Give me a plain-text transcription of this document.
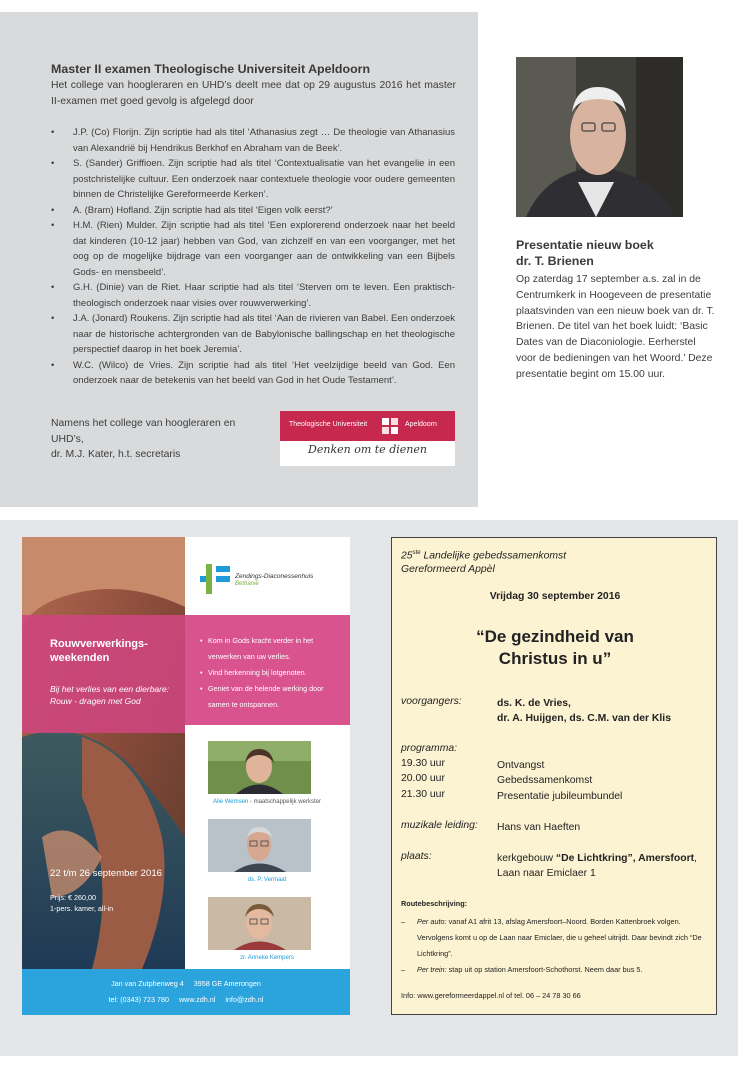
Master II examen Theologische Universiteit Apeldoorn
Het college van hoogleraren en UHD’s deelt mee dat op 29 augustus 2016 het master II-examen met goed gevolg is afgelegd door
• J.P. (Co) Florijn. Zijn scriptie had als titel ‘Athanasius zegt … De theologie van Athanasius van Alexandrië bij Hendrikus Berkhof en Abraham van de Beek’.
• S. (Sander) Griffioen. Zijn scriptie had als titel ‘Contextualisatie van het evangelie in een postchristelijke cultuur. Een onderzoek naar contextuele theologie voor oudere gemeenten binnen de Christelijke Gereformeerde Kerken’.
• A. (Bram) Hofland. Zijn scriptie had als titel ‘Eigen volk eerst?’
• H.M. (Rien) Mulder. Zijn scriptie had als titel ‘Een explorerend onderzoek naar het beeld dat kinderen (10-12 jaar) hebben van God, van zichzelf en van een voorganger, met het oog op de mogelijke bijdrage van een voorganger aan de ontwikkeling van een Bijbels Gods- en mensbeeld’.
• G.H. (Dinie) van de Riet. Haar scriptie had als titel ‘Sterven om te leven. Een praktisch-theologisch onderzoek naar visies over rouwverwerking’.
• J.A. (Jonard) Roukens. Zijn scriptie had als titel ‘Aan de rivieren van Babel. Een onderzoek naar de historische achtergronden van de Babylonische ballingschap en het theologische perspectief daarop in het boek Jeremia’.
• W.C. (Wilco) de Vries. Zijn scriptie had als titel ‘Het veelzijdige beeld van God. Een onderzoek naar de betekenis van het beeld van God in het Oude Testament’.
Namens het college van hoogleraren en UHD’s,
dr. M.J. Kater, h.t. secretaris
Theologische Universiteit	Apeldoorn
Denken om te dienen
Presentatie nieuw boek
dr. T. Brienen
Op zaterdag 17 september a.s. zal in de Centrumkerk in Hoogeveen de presentatie plaatsvinden van een nieuw boek van dr. T. Brienen. De titel van het boek luidt: ‘Basic Dates van de Diaconiologie. Eerherstel voor de bedieningen van het Woord.’ Deze presentatie begint om 15.00 uur.
Zendings-Diaconessenhuis
Bethanië
Rouwverwerkings-weekenden
Bij het verlies van een dierbare: Rouw - dragen met God
• Kom in Gods kracht verder in het verwerken van uw verlies.
• Vind herkenning bij lotgenoten.
• Geniet van de helende werking door samen te ontspannen.
22 t/m 26 september 2016
Prijs: € 260,00
1-pers. kamer, all-in
Alie Wemsen - maatschappelijk werkster
ds. P. Vermaat
zr. Anneke Kempers
Jan van Zutphenweg 4 3958 GE Amerongen
tel: (0343) 723 780 www.zdh.nl info@zdh.nl
25ste Landelijke gebedssamenkomst
Gereformeerd Appèl
Vrijdag 30 september 2016
“De gezindheid van
Christus in u”
voorgangers:	ds. K. de Vries,
dr. A. Huijgen, ds. C.M. van der Klis
programma:
19.30 uur	Ontvangst
20.00 uur	Gebedssamenkomst
21.30 uur	Presentatie jubileumbundel
muzikale leiding: Hans van Haeften
plaats:	kerkgebouw “De Lichtkring”, Amersfoort,
Laan naar Emiclaer 1
Routebeschrijving:
– Per auto: vanaf A1 afrit 13, afslag Amersfoort–Noord. Borden Kattenbroek volgen. Vervolgens komt u op de Laan naar Emiclaer, die u geheel uitrijdt. Daar bevindt zich “De Lichtkring”.
– Per trein: stap uit op station Amersfoort-Schothorst. Neem daar bus 5.
Info: www.gereformeerdappel.nl of tel. 06 – 24 78 30 66
